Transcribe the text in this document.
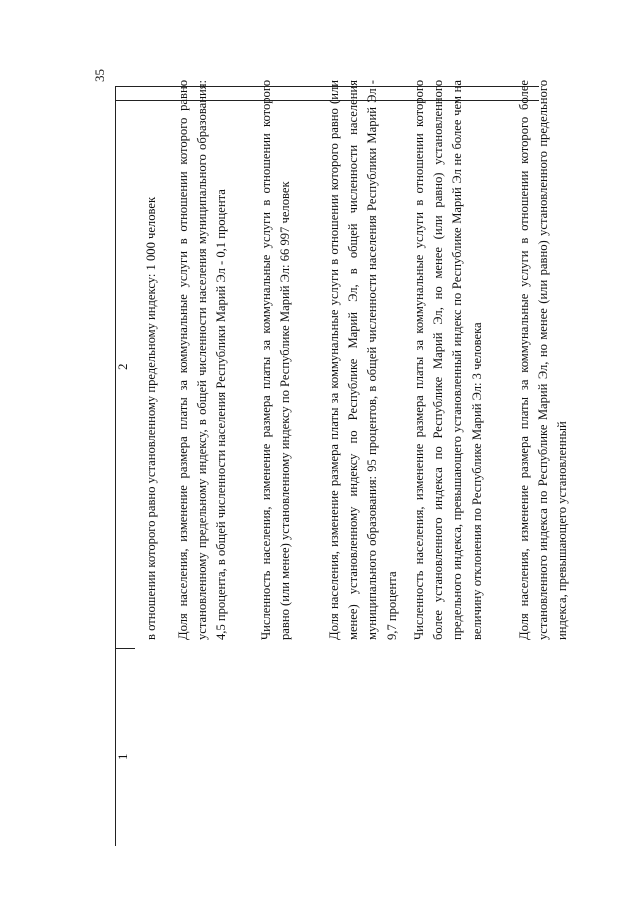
35
2
1
в отношении которого равно установленному предельному индексу: 1 000 человек Доля населения, изменение размера платы за коммунальные услуги в отношении которого равно установленному предельному индексу, в общей численности населения муниципального образования: 4,5 процента, в общей численности населения Республики Марий Эл - 0,1 процента Численность населения, изменение размера платы за коммунальные услуги в отношении которого равно (или менее) установленному индексу по Республике Марий Эл: 66 997 человек	Доля населения, изменение размера платы за коммунальные услуги в отношении которого равно (или менее) установленному индексу по Республике Марий Эл, в общей численности населения муниципального образования: 95 процентов, в общей численности населения Республики Марий Эл - 9,7 процента Численность населения, изменение размера платы за коммунальные услуги в отношении которого более установленного индекса по Республике Марий Эл, но менее (или равно) установленного предельного индекса, превышающего установленный индекс по Республике Марий Эл не более чем на величину отклонения по Республике Марий Эл: 3 человека	Доля населения, изменение размера платы за коммунальные услуги в отношении которого более установленного индекса по Республике Марий Эл, но менее (или равно) установленного предельного индекса, превышающего установленный
